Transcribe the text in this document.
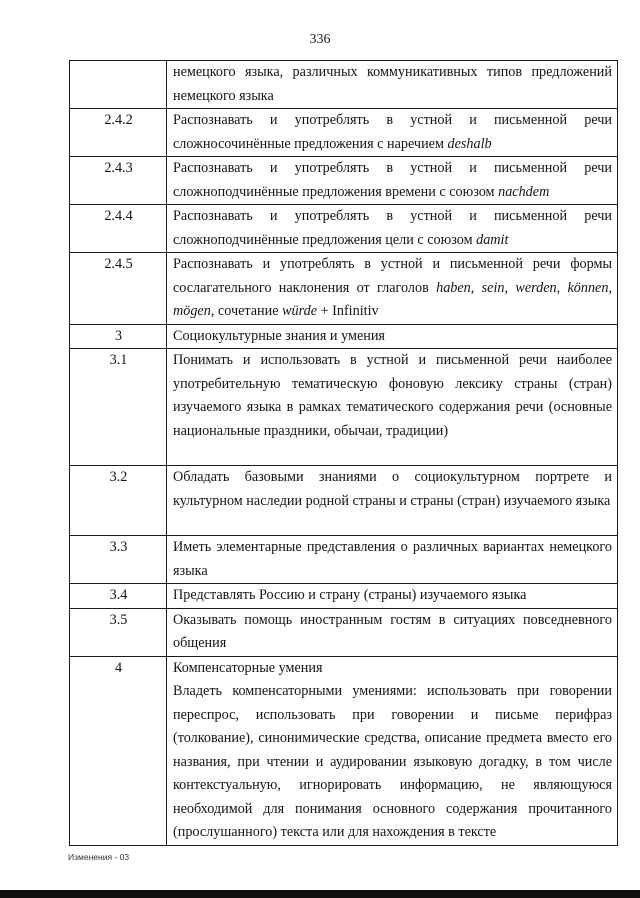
336

	немецкого языка, различных коммуникативных типов предложений немецкого языка

2.4.2	Распознавать и употреблять в устной и письменной речи сложносочинённые предложения с наречием deshalb

2.4.3	Распознавать и употреблять в устной и письменной речи сложноподчинённые предложения времени с союзом nachdem

2.4.4	Распознавать и употреблять в устной и письменной речи сложноподчинённые предложения цели с союзом damit

2.4.5	Распознавать и употреблять в устной и письменной речи формы сослагательного наклонения от глаголов haben, sein, werden, können, mögen, сочетание würde + Infinitiv

3	Социокультурные знания и умения

3.1	Понимать и использовать в устной и письменной речи наиболее употребительную тематическую фоновую лексику страны (стран) изучаемого языка в рамках тематического содержания речи (основные национальные праздники, обычаи, традиции)

3.2	Обладать базовыми знаниями о социокультурном портрете и культурном наследии родной страны и страны (стран) изучаемого языка

3.3	Иметь элементарные представления о различных вариантах немецкого языка

3.4	Представлять Россию и страну (страны) изучаемого языка

3.5	Оказывать помощь иностранным гостям в ситуациях повседневного общения

4	Компенсаторные умения
Владеть компенсаторными умениями: использовать при говорении переспрос, использовать при говорении и письме перифраз (толкование), синонимические средства, описание предмета вместо его названия, при чтении и аудировании языковую догадку, в том числе контекстуальную, игнорировать информацию, не являющуюся необходимой для понимания основного содержания прочитанного (прослушанного) текста или для нахождения в тексте
Изменения - 03
